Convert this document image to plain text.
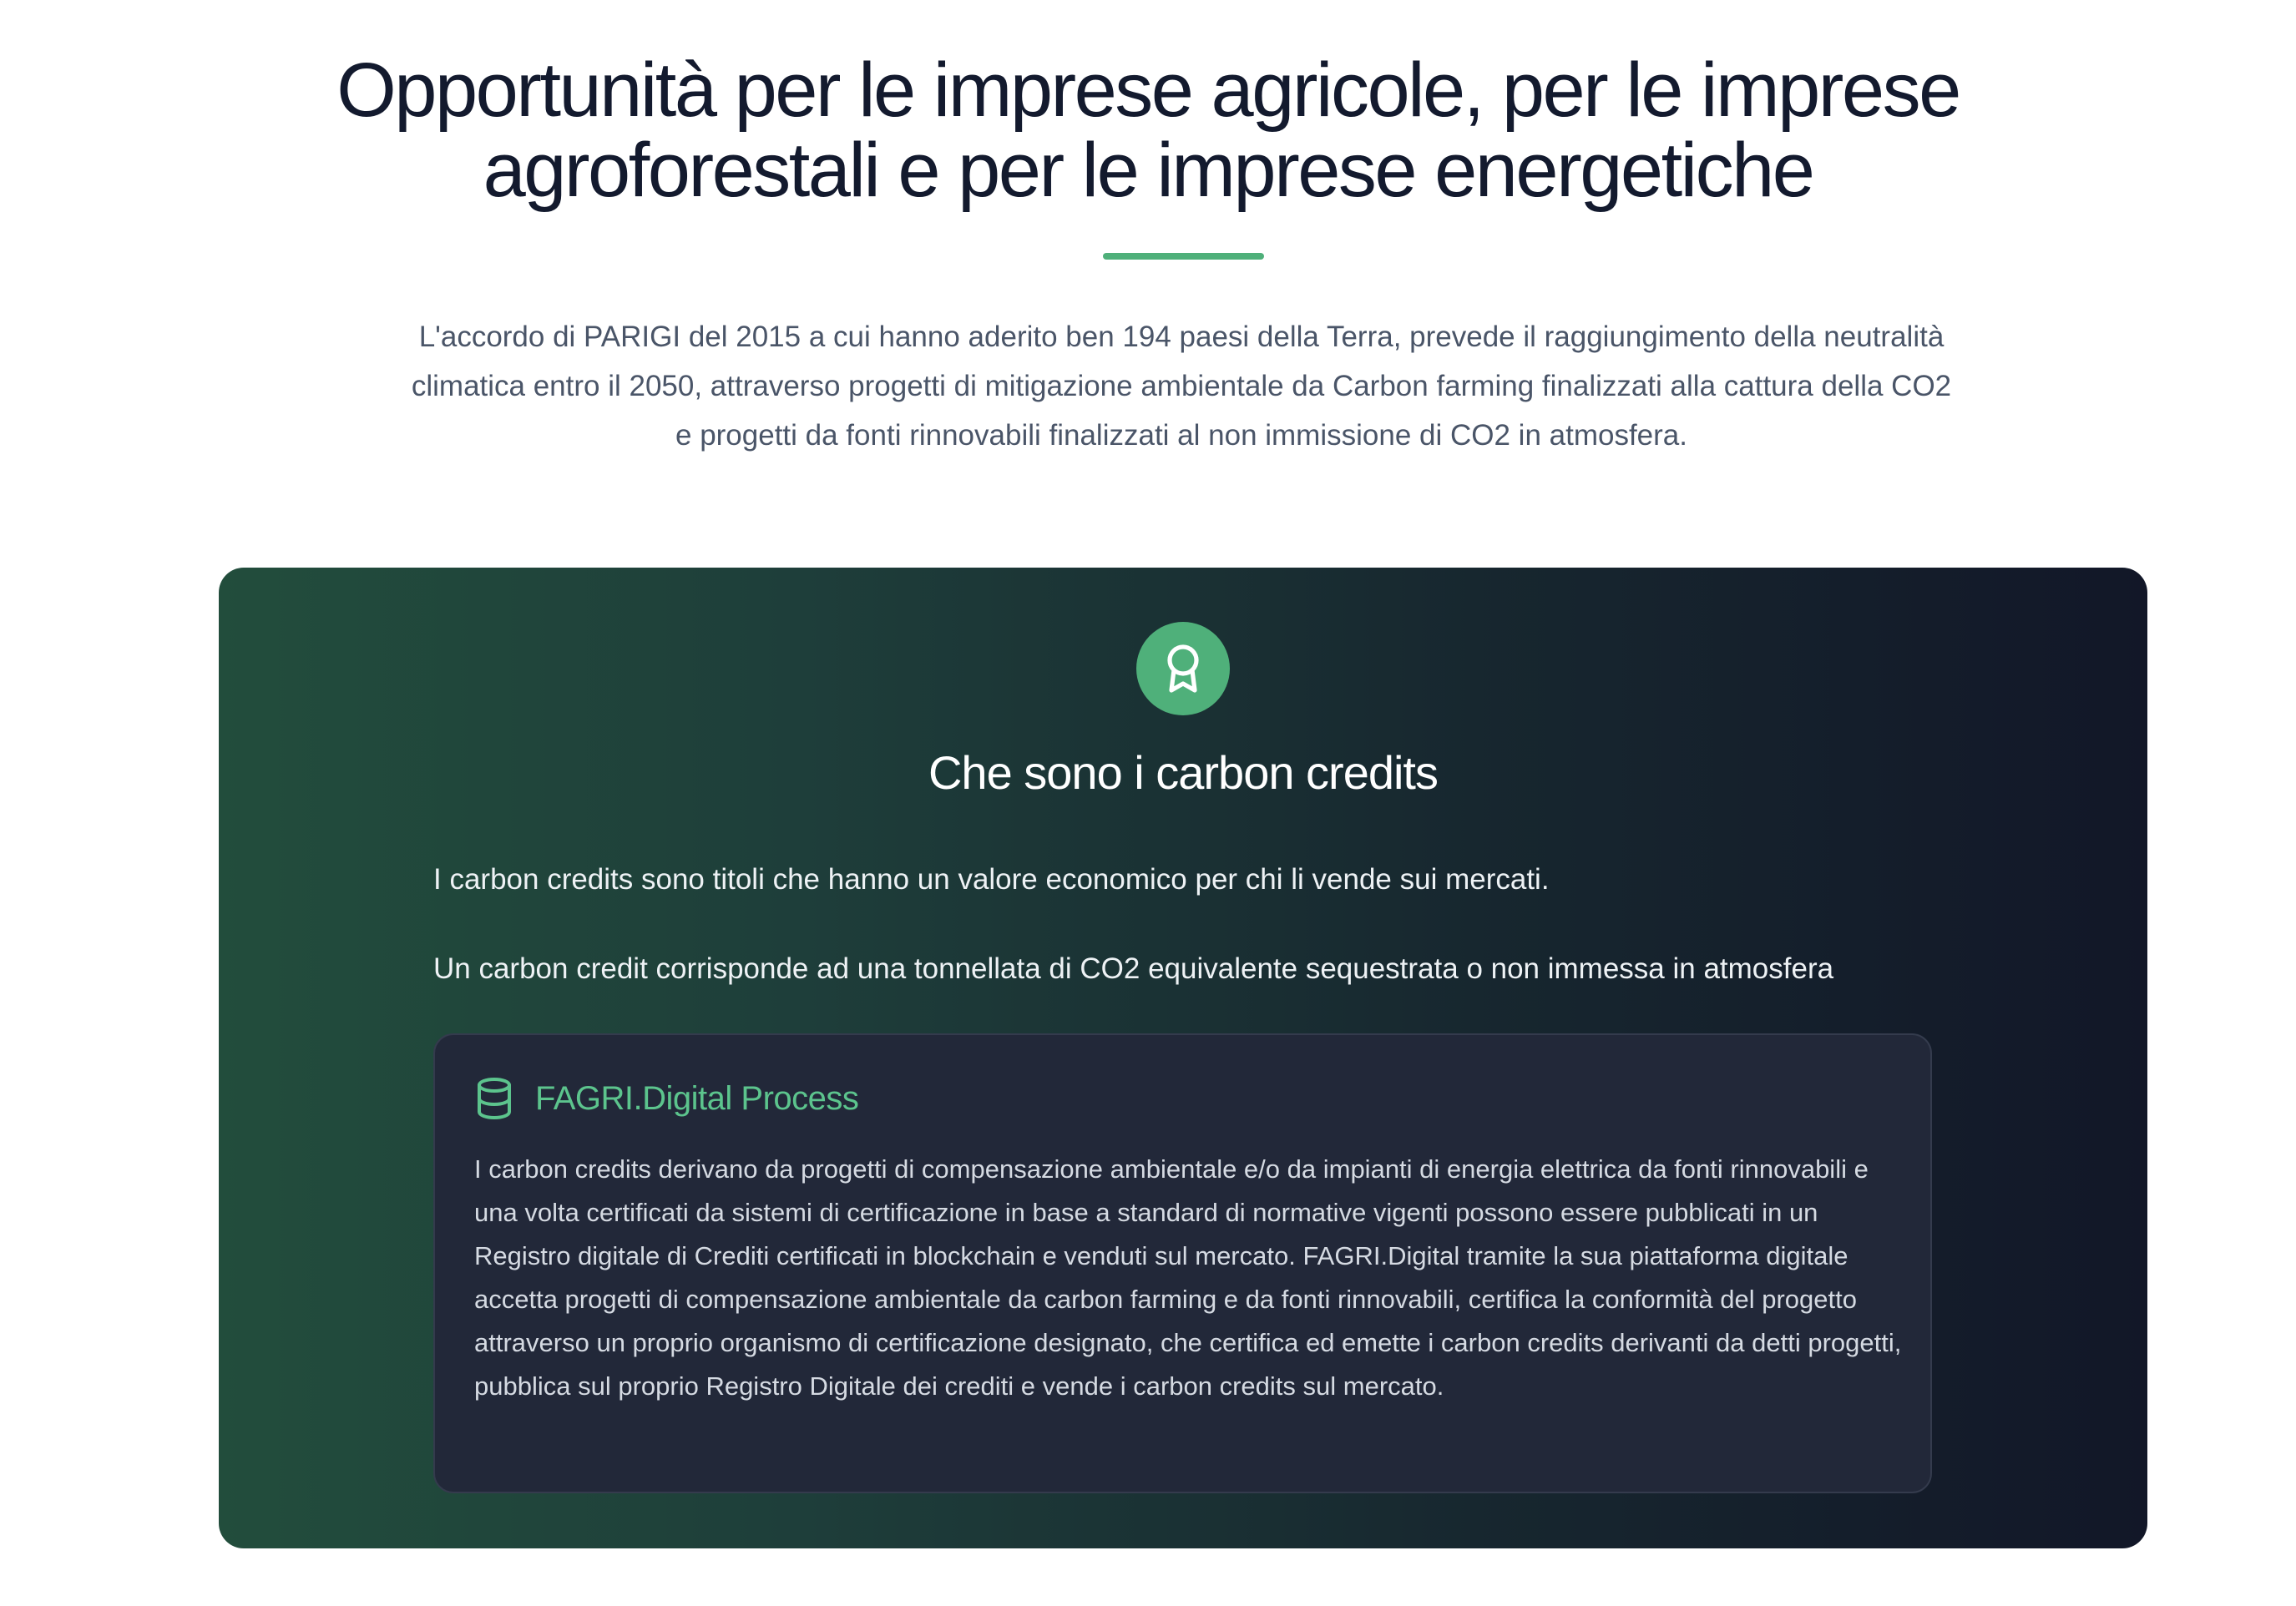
Opportunità per le imprese agricole, per le imprese agroforestali e per le imprese energetiche

L'accordo di PARIGI del 2015 a cui hanno aderito ben 194 paesi della Terra, prevede il raggiungimento della neutralità climatica entro il 2050, attraverso progetti di mitigazione ambientale da Carbon farming finalizzati alla cattura della CO2 e progetti da fonti rinnovabili finalizzati al non immissione di CO2 in atmosfera.

Che sono i carbon credits

I carbon credits sono titoli che hanno un valore economico per chi li vende sui mercati.

Un carbon credit corrisponde ad una tonnellata di CO2 equivalente sequestrata o non immessa in atmosfera

FAGRI.Digital Process

I carbon credits derivano da progetti di compensazione ambientale e/o da impianti di energia elettrica da fonti rinnovabili e una volta certificati da sistemi di certificazione in base a standard di normative vigenti possono essere pubblicati in un Registro digitale di Crediti certificati in blockchain e venduti sul mercato. FAGRI.Digital tramite la sua piattaforma digitale accetta progetti di compensazione ambientale da carbon farming e da fonti rinnovabili, certifica la conformità del progetto attraverso un proprio organismo di certificazione designato, che certifica ed emette i carbon credits derivanti da detti progetti, pubblica sul proprio Registro Digitale dei crediti e vende i carbon credits sul mercato.
